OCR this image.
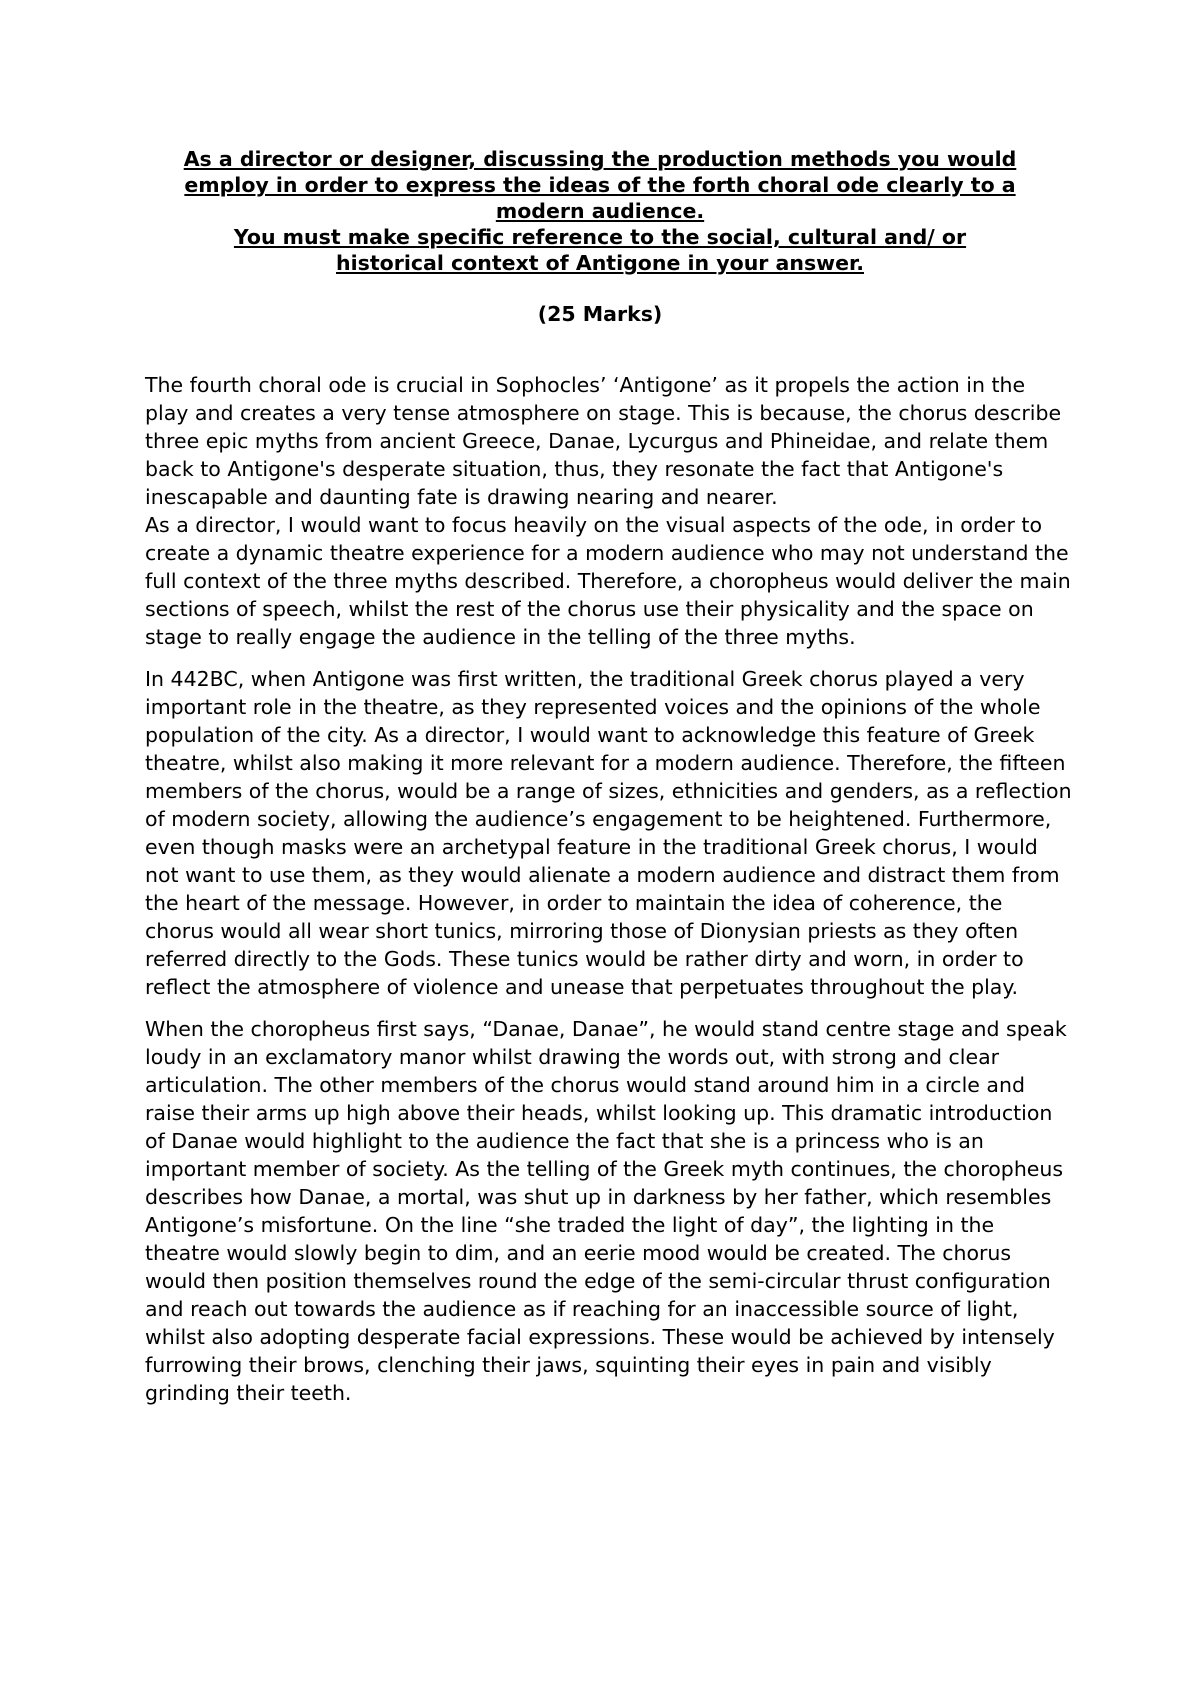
As a director or designer, discussing the production methods you would
employ in order to express the ideas of the forth choral ode clearly to a
modern audience.
You must make specific reference to the social, cultural and/ or
historical context of Antigone in your answer.
(25 Marks)

The fourth choral ode is crucial in Sophocles’ ‘Antigone’ as it propels the action in the play and creates a very tense atmosphere on stage. This is because, the chorus describe three epic myths from ancient Greece, Danae, Lycurgus and Phineidae, and relate them back to Antigone's desperate situation, thus, they resonate the fact that Antigone's inescapable and daunting fate is drawing nearing and nearer.

As a director, I would want to focus heavily on the visual aspects of the ode, in order to create a dynamic theatre experience for a modern audience who may not understand the full context of the three myths described. Therefore, a choropheus would deliver the main sections of speech, whilst the rest of the chorus use their physicality and the space on stage to really engage the audience in the telling of the three myths.

In 442BC, when Antigone was first written, the traditional Greek chorus played a very important role in the theatre, as they represented voices and the opinions of the whole population of the city. As a director, I would want to acknowledge this feature of Greek theatre, whilst also making it more relevant for a modern audience. Therefore, the fifteen members of the chorus, would be a range of sizes, ethnicities and genders, as a reflection of modern society, allowing the audience’s engagement to be heightened. Furthermore, even though masks were an archetypal feature in the traditional Greek chorus, I would not want to use them, as they would alienate a modern audience and distract them from the heart of the message. However, in order to maintain the idea of coherence, the chorus would all wear short tunics, mirroring those of Dionysian priests as they often referred directly to the Gods. These tunics would be rather dirty and worn, in order to reflect the atmosphere of violence and unease that perpetuates throughout the play.

When the choropheus first says, “Danae, Danae”, he would stand centre stage and speak loudy in an exclamatory manor whilst drawing the words out, with strong and clear articulation. The other members of the chorus would stand around him in a circle and raise their arms up high above their heads, whilst looking up. This dramatic introduction of Danae would highlight to the audience the fact that she is a princess who is an important member of society. As the telling of the Greek myth continues, the choropheus describes how Danae, a mortal, was shut up in darkness by her father, which resembles Antigone’s misfortune. On the line “she traded the light of day”, the lighting in the theatre would slowly begin to dim, and an eerie mood would be created. The chorus would then position themselves round the edge of the semi-circular thrust configuration and reach out towards the audience as if reaching for an inaccessible source of light, whilst also adopting desperate facial expressions. These would be achieved by intensely furrowing their brows, clenching their jaws, squinting their eyes in pain and visibly grinding their teeth.
